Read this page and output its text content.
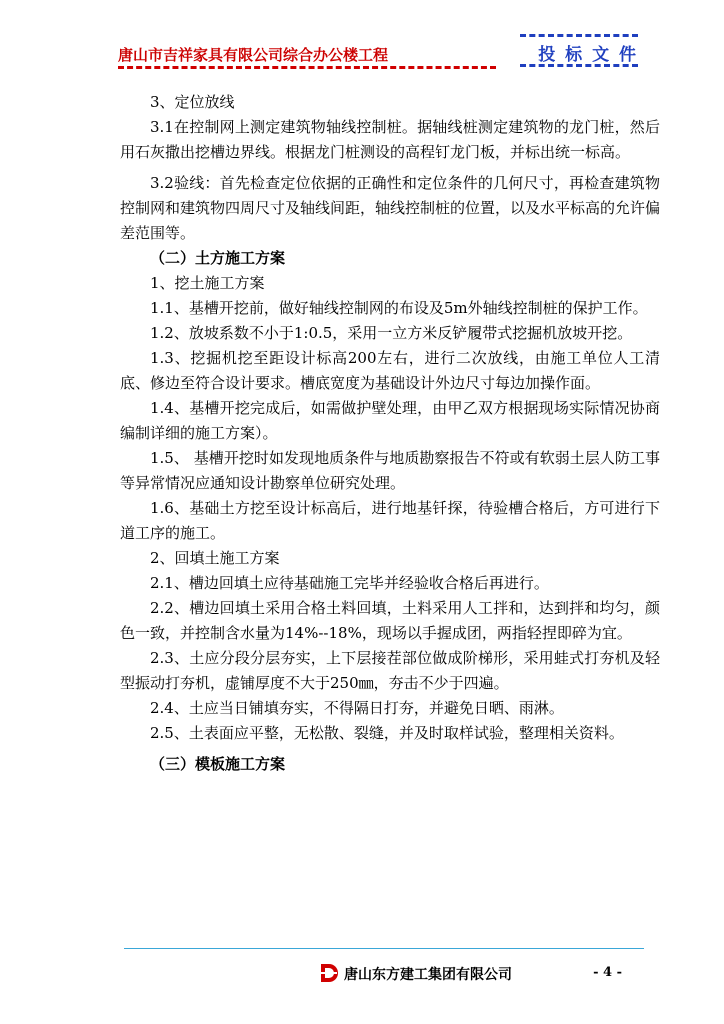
唐山市吉祥家具有限公司综合办公楼工程	投 标 文 件

3、定位放线

3.1在控制网上测定建筑物轴线控制桩。据轴线桩测定建筑物的龙门桩，然后用石灰撒出挖槽边界线。根据龙门桩测设的高程钉龙门板，并标出统一标高。

3.2验线：首先检查定位依据的正确性和定位条件的几何尺寸，再检查建筑物控制网和建筑物四周尺寸及轴线间距，轴线控制桩的位置，以及水平标高的允许偏差范围等。

（二）土方施工方案

1、挖土施工方案

1.1、基槽开挖前，做好轴线控制网的布设及5m外轴线控制桩的保护工作。

1.2、放坡系数不小于1:0.5，采用一立方米反铲履带式挖掘机放坡开挖。

1.3、挖掘机挖至距设计标高200左右，进行二次放线，由施工单位人工清底、修边至符合设计要求。槽底宽度为基础设计外边尺寸每边加操作面。

1.4、基槽开挖完成后，如需做护壁处理，由甲乙双方根据现场实际情况协商编制详细的施工方案）。

1.5、 基槽开挖时如发现地质条件与地质勘察报告不符或有软弱土层人防工事等异常情况应通知设计勘察单位研究处理。

1.6、基础土方挖至设计标高后，进行地基钎探，待验槽合格后，方可进行下道工序的施工。

2、回填土施工方案

2.1、槽边回填土应待基础施工完毕并经验收合格后再进行。

2.2、槽边回填土采用合格土料回填，土料采用人工拌和，达到拌和均匀，颜色一致，并控制含水量为14%--18%，现场以手握成团，两指轻捏即碎为宜。

2.3、土应分段分层夯实，上下层接茬部位做成阶梯形，采用蛙式打夯机及轻型振动打夯机，虚铺厚度不大于250㎜，夯击不少于四遍。

2.4、土应当日铺填夯实，不得隔日打夯，并避免日晒、雨淋。

2.5、土表面应平整，无松散、裂缝，并及时取样试验，整理相关资料。

（三）模板施工方案

唐山东方建工集团有限公司	- 4 -
